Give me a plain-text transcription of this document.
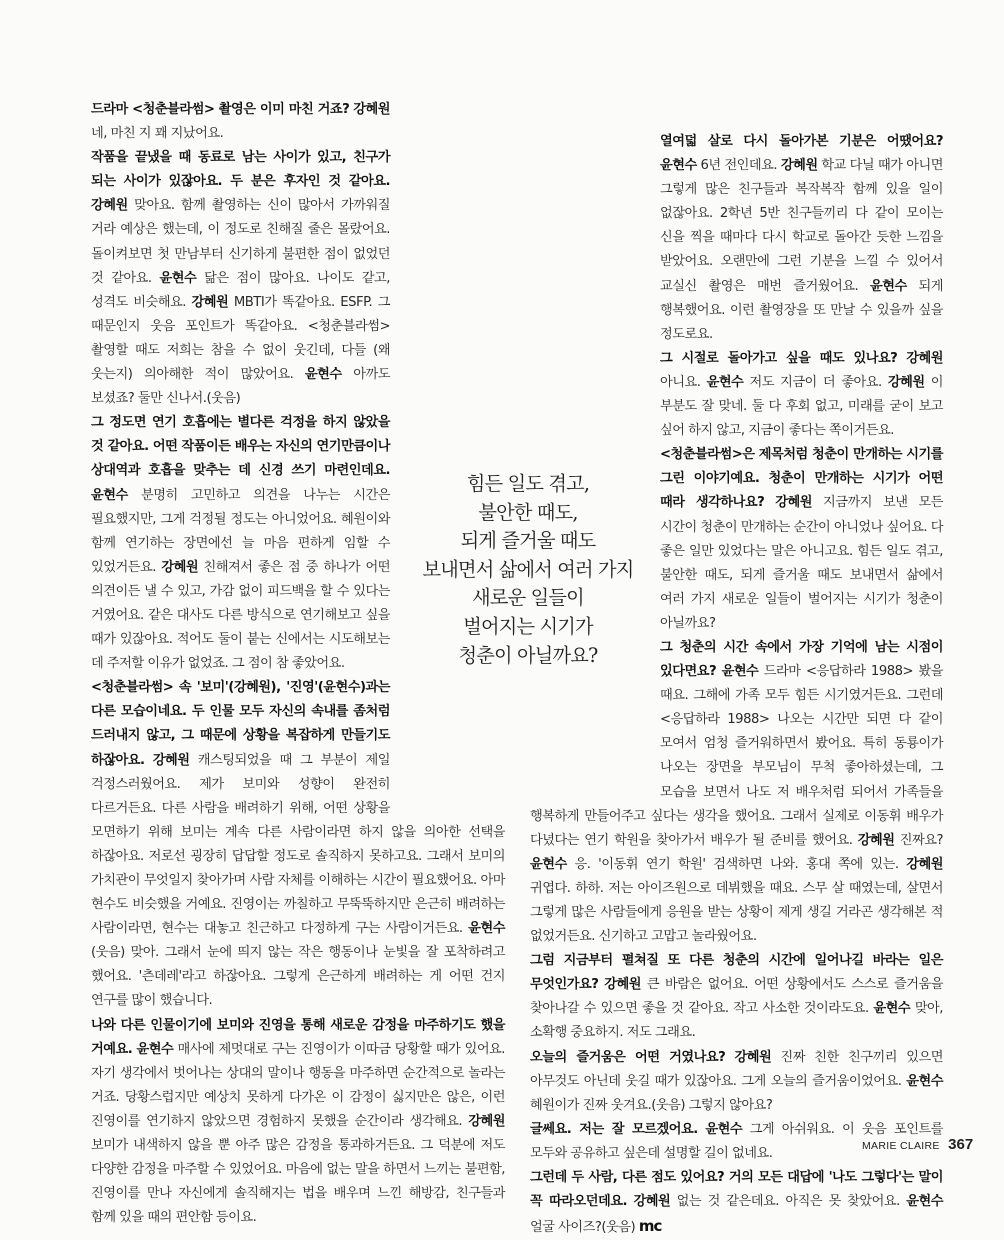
드라마 <청춘블라썸> 촬영은 이미 마친 거죠? 강혜원 네, 마친 지 꽤 지났어요.

작품을 끝냈을 때 동료로 남는 사이가 있고, 친구가 되는 사이가 있잖아요. 두 분은 후자인 것 같아요. 강혜원 맞아요. 함께 촬영하는 신이 많아서 가까워질 거라 예상은 했는데, 이 정도로 친해질 줄은 몰랐어요. 돌이켜보면 첫 만남부터 신기하게 불편한 점이 없었던 것 같아요. 윤현수 닮은 점이 많아요. 나이도 같고, 성격도 비슷해요. 강혜원 MBTI가 똑같아요. ESFP. 그 때문인지 웃음 포인트가 똑같아요. <청춘블라썸> 촬영할 때도 저희는 참을 수 없이 웃긴데, 다들 (왜 웃는지) 의아해한 적이 많았어요. 윤현수 아까도 보셨죠? 둘만 신나서.(웃음)

그 정도면 연기 호흡에는 별다른 걱정을 하지 않았을 것 같아요. 어떤 작품이든 배우는 자신의 연기만큼이나 상대역과 호흡을 맞추는 데 신경 쓰기 마련인데요. 윤현수 분명히 고민하고 의견을 나누는 시간은 필요했지만, 그게 걱정될 정도는 아니었어요. 혜원이와 함께 연기하는 장면에선 늘 마음 편하게 임할 수 있었거든요. 강혜원 친해져서 좋은 점 중 하나가 어떤 의견이든 낼 수 있고, 가감 없이 피드백을 할 수 있다는 거였어요. 같은 대사도 다른 방식으로 연기해보고 싶을 때가 있잖아요. 적어도 둘이 붙는 신에서는 시도해보는 데 주저할 이유가 없었죠. 그 점이 참 좋았어요.

<청춘블라썸> 속 '보미'(강혜원), '진영'(윤현수)과는 다른 모습이네요. 두 인물 모두 자신의 속내를 좀처럼 드러내지 않고, 그 때문에 상황을 복잡하게 만들기도 하잖아요. 강혜원 캐스팅되었을 때 그 부분이 제일 걱정스러웠어요. 제가 보미와 성향이 완전히 다르거든요. 다른 사람을 배려하기 위해, 어떤 상황을 모면하기 위해 보미는 계속 다른 사람이라면 하지 않을 의아한 선택을 하잖아요. 저로선 굉장히 답답할 정도로 솔직하지 못하고요. 그래서 보미의 가치관이 무엇일지 찾아가며 사람 자체를 이해하는 시간이 필요했어요. 아마 현수도 비슷했을 거예요. 진영이는 까칠하고 무뚝뚝하지만 은근히 배려하는 사람이라면, 현수는 대놓고 친근하고 다정하게 구는 사람이거든요. 윤현수 (웃음) 맞아. 그래서 눈에 띄지 않는 작은 행동이나 눈빛을 잘 포착하려고 했어요. '츤데레'라고 하잖아요. 그렇게 은근하게 배려하는 게 어떤 건지 연구를 많이 했습니다.

나와 다른 인물이기에 보미와 진영을 통해 새로운 감정을 마주하기도 했을 거예요. 윤현수 매사에 제멋대로 구는 진영이가 이따금 당황할 때가 있어요. 자기 생각에서 벗어나는 상대의 말이나 행동을 마주하면 순간적으로 놀라는 거죠. 당황스럽지만 예상치 못하게 다가온 이 감정이 싫지만은 않은, 이런 진영이를 연기하지 않았으면 경험하지 못했을 순간이라 생각해요. 강혜원 보미가 내색하지 않을 뿐 아주 많은 감정을 통과하거든요. 그 덕분에 저도 다양한 감정을 마주할 수 있었어요. 마음에 없는 말을 하면서 느끼는 불편함, 진영이를 만나 자신에게 솔직해지는 법을 배우며 느낀 해방감, 친구들과 함께 있을 때의 편안함 등이요.

열여덟 살로 다시 돌아가본 기분은 어땠어요? 윤현수 6년 전인데요. 강혜원 학교 다닐 때가 아니면 그렇게 많은 친구들과 복작복작 함께 있을 일이 없잖아요. 2학년 5반 친구들끼리 다 같이 모이는 신을 찍을 때마다 다시 학교로 돌아간 듯한 느낌을 받았어요. 오랜만에 그런 기분을 느낄 수 있어서 교실신 촬영은 매번 즐거웠어요. 윤현수 되게 행복했어요. 이런 촬영장을 또 만날 수 있을까 싶을 정도로요.

그 시절로 돌아가고 싶을 때도 있나요? 강혜원 아니요. 윤현수 저도 지금이 더 좋아요. 강혜원 이 부분도 잘 맞네. 둘 다 후회 없고, 미래를 굳이 보고 싶어 하지 않고, 지금이 좋다는 쪽이거든요.

<청춘블라썸>은 제목처럼 청춘이 만개하는 시기를 그린 이야기예요. 청춘이 만개하는 시기가 어떤 때라 생각하나요? 강혜원 지금까지 보낸 모든 시간이 청춘이 만개하는 순간이 아니었나 싶어요. 다 좋은 일만 있었다는 말은 아니고요. 힘든 일도 겪고, 불안한 때도, 되게 즐거울 때도 보내면서 삶에서 여러 가지 새로운 일들이 벌어지는 시기가 청춘이 아닐까요?

그 청춘의 시간 속에서 가장 기억에 남는 시점이 있다면요? 윤현수 드라마 <응답하라 1988> 봤을 때요. 그해에 가족 모두 힘든 시기였거든요. 그런데 <응답하라 1988> 나오는 시간만 되면 다 같이 모여서 엄청 즐거워하면서 봤어요. 특히 동룡이가 나오는 장면을 부모님이 무척 좋아하셨는데, 그 모습을 보면서 나도 저 배우처럼 되어서 가족들을 행복하게 만들어주고 싶다는 생각을 했어요. 그래서 실제로 이동휘 배우가 다녔다는 연기 학원을 찾아가서 배우가 될 준비를 했어요. 강혜원 진짜요? 윤현수 응. '이동휘 연기 학원' 검색하면 나와. 홍대 쪽에 있는. 강혜원 귀엽다. 하하. 저는 아이즈원으로 데뷔했을 때요. 스무 살 때였는데, 살면서 그렇게 많은 사람들에게 응원을 받는 상황이 제게 생길 거라곤 생각해본 적 없었거든요. 신기하고 고맙고 놀라웠어요.

그럼 지금부터 펼쳐질 또 다른 청춘의 시간에 일어나길 바라는 일은 무엇인가요? 강혜원 큰 바람은 없어요. 어떤 상황에서도 스스로 즐거움을 찾아나갈 수 있으면 좋을 것 같아요. 작고 사소한 것이라도요. 윤현수 맞아, 소확행 중요하지. 저도 그래요.

오늘의 즐거움은 어떤 거였나요? 강혜원 진짜 친한 친구끼리 있으면 아무것도 아닌데 웃길 때가 있잖아요. 그게 오늘의 즐거움이었어요. 윤현수 혜원이가 진짜 웃겨요.(웃음) 그렇지 않아요?

글쎄요. 저는 잘 모르겠어요. 윤현수 그게 아쉬워요. 이 웃음 포인트를 모두와 공유하고 싶은데 설명할 길이 없네요.

그런데 두 사람, 다른 점도 있어요? 거의 모든 대답에 '나도 그렇다'는 말이 꼭 따라오던데요. 강혜원 없는 것 같은데요. 아직은 못 찾았어요. 윤현수 얼굴 사이즈?(웃음) mc

힘든 일도 겪고,
불안한 때도,
되게 즐거울 때도
보내면서 삶에서 여러 가지
새로운 일들이
벌어지는 시기가
청춘이 아닐까요?
MARIE CLAIRE 367
